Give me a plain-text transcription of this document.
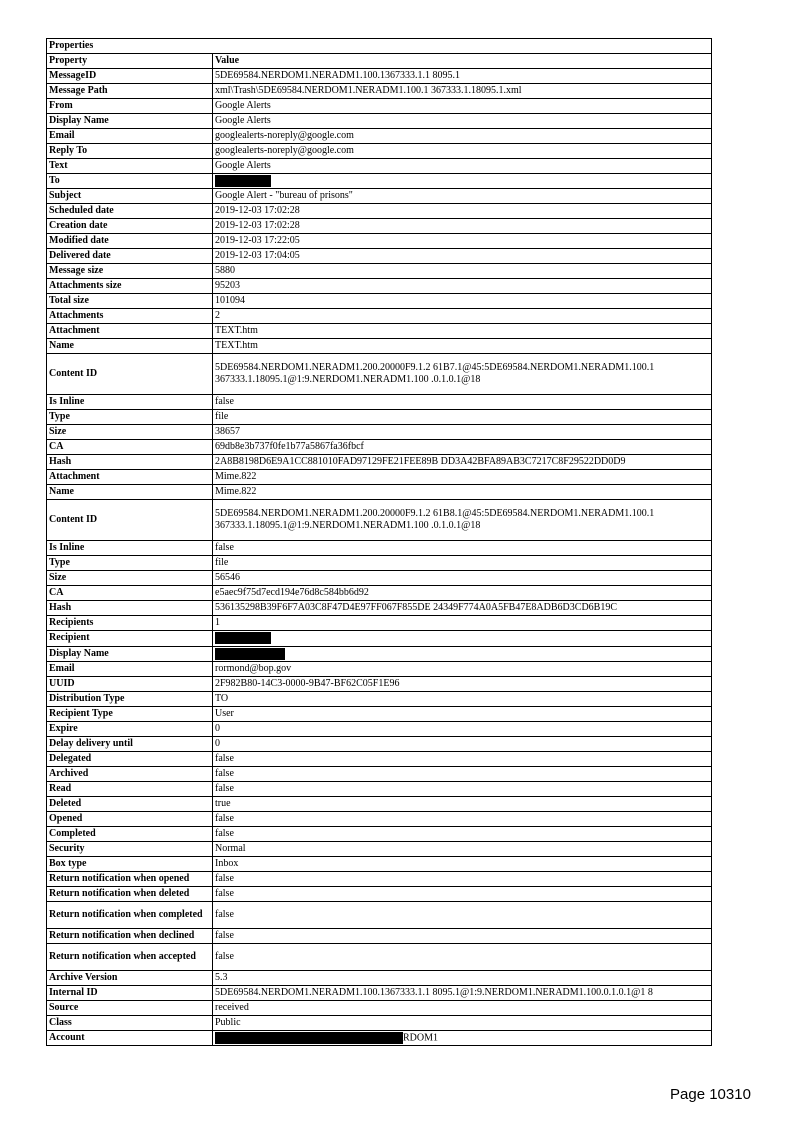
Properties	
Property	Value
MessageID	5DE69584.NERDOM1.NERADM1.100.1367333.1.1 8095.1
Message Path	xml\Trash\5DE69584.NERDOM1.NERADM1.100.1 367333.1.18095.1.xml
From	Google Alerts
Display Name	Google Alerts
Email	googlealerts-noreply@google.com
Reply To	googlealerts-noreply@google.com
Text	Google Alerts
To	
Subject	Google Alert - "bureau of prisons"
Scheduled date	2019-12-03 17:02:28
Creation date	2019-12-03 17:02:28
Modified date	2019-12-03 17:22:05
Delivered date	2019-12-03 17:04:05
Message size	5880
Attachments size	95203
Total size	101094
Attachments	2
Attachment	TEXT.htm
Name	TEXT.htm
Content ID	5DE69584.NERDOM1.NERADM1.200.20000F9.1.2 61B7.1@45:5DE69584.NERDOM1.NERADM1.100.1 367333.1.18095.1@1:9.NERDOM1.NERADM1.100 .0.1.0.1@18
Is Inline	false
Type	file
Size	38657
CA	69db8e3b737f0fe1b77a5867fa36fbcf
Hash	2A8B8198D6E9A1CC881010FAD97129FE21FEE89B DD3A42BFA89AB3C7217C8F29522DD0D9
Attachment	Mime.822
Name	Mime.822
Content ID	5DE69584.NERDOM1.NERADM1.200.20000F9.1.2 61B8.1@45:5DE69584.NERDOM1.NERADM1.100.1 367333.1.18095.1@1:9.NERDOM1.NERADM1.100 .0.1.0.1@18
Is Inline	false
Type	file
Size	56546
CA	e5aec9f75d7ecd194e76d8c584bb6d92
Hash	536135298B39F6F7A03C8F47D4E97FF067F855DE 24349F774A0A5FB47E8ADB6D3CD6B19C
Recipients	1
Recipient	
Display Name	
Email	rormond@bop.gov
UUID	2F982B80-14C3-0000-9B47-BF62C05F1E96
Distribution Type	TO
Recipient Type	User
Expire	0
Delay delivery until	0
Delegated	false
Archived	false
Read	false
Deleted	true
Opened	false
Completed	false
Security	Normal
Box type	Inbox
Return notification when opened	false
Return notification when deleted	false
Return notification when completed	false
Return notification when declined	false
Return notification when accepted	false
Archive Version	5.3
Internal ID	5DE69584.NERDOM1.NERADM1.100.1367333.1.1 8095.1@1:9.NERDOM1.NERADM1.100.0.1.0.1@1 8
Source	received
Class	Public
Account	RDOM1
Page 10310
